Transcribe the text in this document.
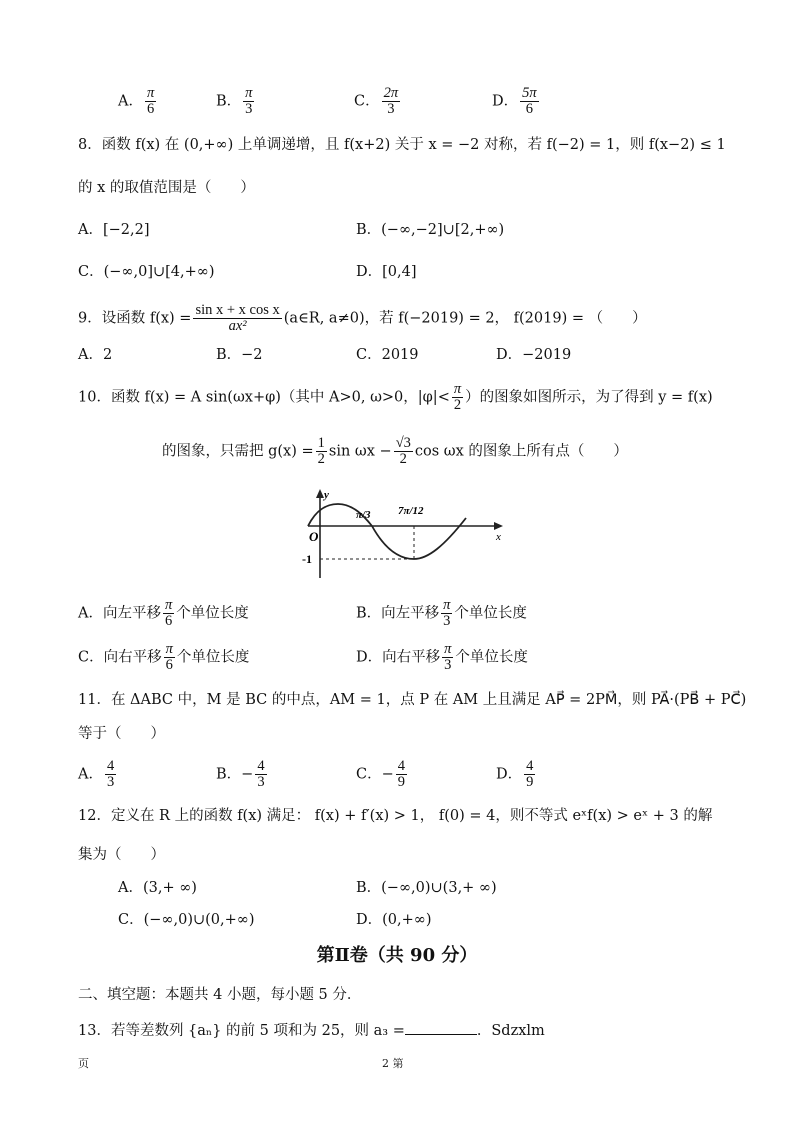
A． $\frac{\pi}{6}$	B． $\frac{\pi}{3}$	C． $\frac{2\pi}{3}$	D． $\frac{5\pi}{6}$
8．函数 f(x) 在 (0,+∞) 上单调递增，且 f(x+2) 关于 x = −2 对称，若 f(−2) = 1，则 f(x−2) ≤ 1
的 x 的取值范围是（　　）
A．[−2,2]	B．(−∞,−2]∪[2,+∞)
C．(−∞,0]∪[4,+∞)	D．[0,4]
9．设函数 $f(x) = \frac{\text{sin x + x cos x}}{\text{ax²}}$ (a∈R, a≠0)，若 f(−2019) = 2， f(2019) = （　　）
A．2	B．−2	C．2019	D．−2019
10．函数 f(x) = A sin(ωx+φ)（其中 A>0, ω>0，$|\varphi|< \frac{\pi}{2}$ ）的图象如图所示，为了得到 y = f(x)
的图象，只需把 $g(x) = \frac{1}{2}$ $\sin \omega x - \frac{√3}{2}$ cos ωx 的图象上所有点（　　）
y
x
O
π/3 7π/12
-1
A．向左平移 $\frac{\pi}{6}$ 个单位长度	B．向左平移 $\frac{\pi}{3}$ 个单位长度
C．向右平移 $\frac{\pi}{6}$ 个单位长度	D．向右平移 $\frac{\pi}{3}$ 个单位长度
11．在 ΔABC 中，M 是 BC 的中点，AM = 1，点 P 在 AM 上且满足 AP⃗ = 2PM⃗，则 PA⃗·(PB⃗ + PC⃗)
等于（　　）
A． $\frac{4}{3}$	B．− $\frac{4}{3}$	C．− $\frac{4}{9}$	D． $\frac{4}{9}$
12．定义在 R 上的函数 f(x) 满足： f(x) + f′(x) > 1， f(0) = 4，则不等式 eˣf(x) > eˣ + 3 的解
集为（　　）
A．(3,+ ∞)	B．(−∞,0)∪(3,+ ∞)
C．(−∞,0)∪(0,+∞)	D．(0,+∞)
第Ⅱ卷（共 90 分）
二、填空题：本题共 4 小题，每小题 5 分．
13．若等差数列 {aₙ} 的前 5 项和为 25，则 a₃ =	．Sdzxlm
页	2 第
